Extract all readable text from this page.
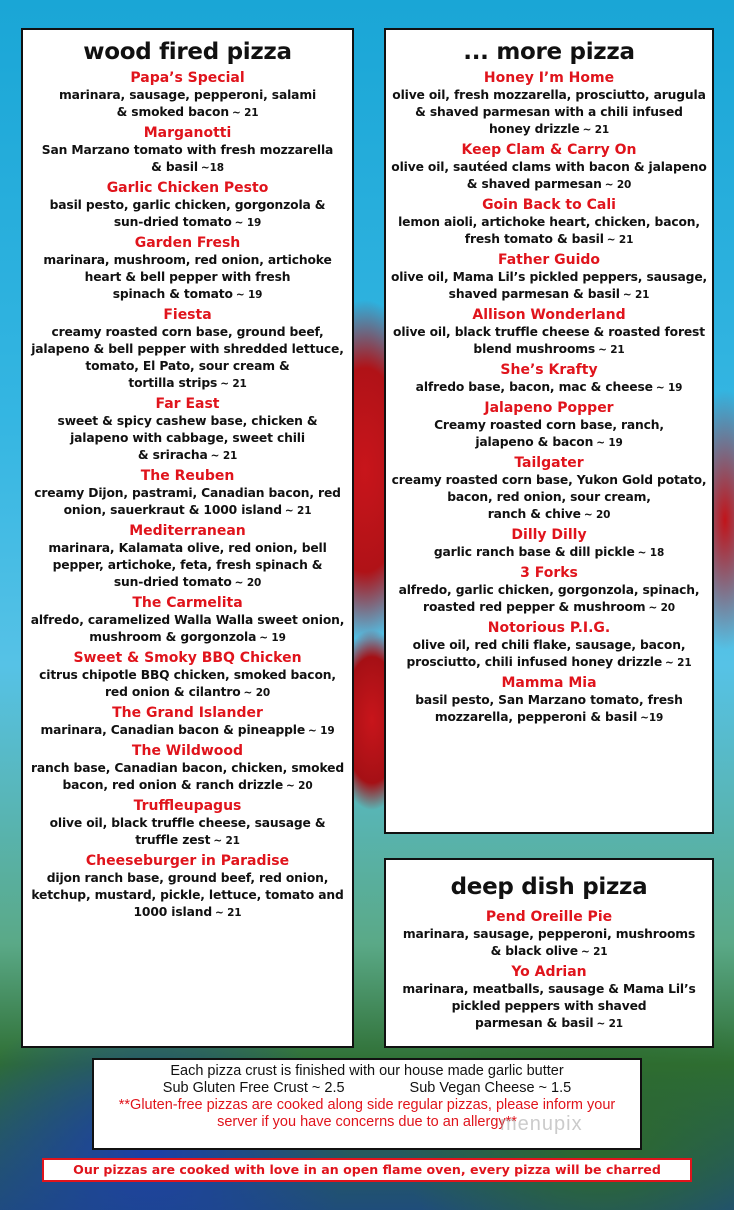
wood fired pizza
Papa’s Special
marinara, sausage, pepperoni, salami
& smoked bacon ~ 21
Marganotti
San Marzano tomato with fresh mozzarella
& basil ~18
Garlic Chicken Pesto
basil pesto, garlic chicken, gorgonzola &
sun-dried tomato ~ 19
Garden Fresh
marinara, mushroom, red onion, artichoke
heart & bell pepper with fresh
spinach & tomato ~ 19
Fiesta
creamy roasted corn base, ground beef,
jalapeno & bell pepper with shredded lettuce,
tomato, El Pato, sour cream &
tortilla strips ~ 21
Far East
sweet & spicy cashew base, chicken &
jalapeno with cabbage, sweet chili
& sriracha ~ 21
The Reuben
creamy Dijon, pastrami, Canadian bacon, red
onion, sauerkraut & 1000 island ~ 21
Mediterranean
marinara, Kalamata olive, red onion, bell
pepper, artichoke, feta, fresh spinach &
sun-dried tomato ~ 20
The Carmelita
alfredo, caramelized Walla Walla sweet onion,
mushroom & gorgonzola ~ 19
Sweet & Smoky BBQ Chicken
citrus chipotle BBQ chicken, smoked bacon,
red onion & cilantro ~ 20
The Grand Islander
marinara, Canadian bacon & pineapple ~ 19
The Wildwood
ranch base, Canadian bacon, chicken, smoked
bacon, red onion & ranch drizzle ~ 20
Truffleupagus
olive oil, black truffle cheese, sausage &
truffle zest ~ 21
Cheeseburger in Paradise
dijon ranch base, ground beef, red onion,
ketchup, mustard, pickle, lettuce, tomato and
1000 island ~ 21
... more pizza
Honey I’m Home
olive oil, fresh mozzarella, prosciutto, arugula
& shaved parmesan with a chili infused
honey drizzle ~ 21
Keep Clam & Carry On
olive oil, sautéed clams with bacon & jalapeno
& shaved parmesan ~ 20
Goin Back to Cali
lemon aioli, artichoke heart, chicken, bacon,
fresh tomato & basil ~ 21
Father Guido
olive oil, Mama Lil’s pickled peppers, sausage,
shaved parmesan & basil ~ 21
Allison Wonderland
olive oil, black truffle cheese & roasted forest
blend mushrooms ~ 21
She’s Krafty
alfredo base, bacon, mac & cheese ~ 19
Jalapeno Popper
Creamy roasted corn base, ranch,
jalapeno & bacon ~ 19
Tailgater
creamy roasted corn base, Yukon Gold potato,
bacon, red onion, sour cream,
ranch & chive ~ 20
Dilly Dilly
garlic ranch base & dill pickle ~ 18
3 Forks
alfredo, garlic chicken, gorgonzola, spinach,
roasted red pepper & mushroom ~ 20
Notorious P.I.G.
olive oil, red chili flake, sausage, bacon,
prosciutto, chili infused honey drizzle ~ 21
Mamma Mia
basil pesto, San Marzano tomato, fresh
mozzarella, pepperoni & basil ~19
deep dish pizza
Pend Oreille Pie
marinara, sausage, pepperoni, mushrooms
& black olive ~ 21
Yo Adrian
marinara, meatballs, sausage & Mama Lil’s
pickled peppers with shaved
parmesan & basil ~ 21
Each pizza crust is finished with our house made garlic butter
Sub Gluten Free Crust ~ 2.5	Sub Vegan Cheese ~ 1.5
**Gluten-free pizzas are cooked along side regular pizzas, please inform your server if you have concerns due to an allergy**
menupix
Our pizzas are cooked with love in an open flame oven, every pizza will be charred
